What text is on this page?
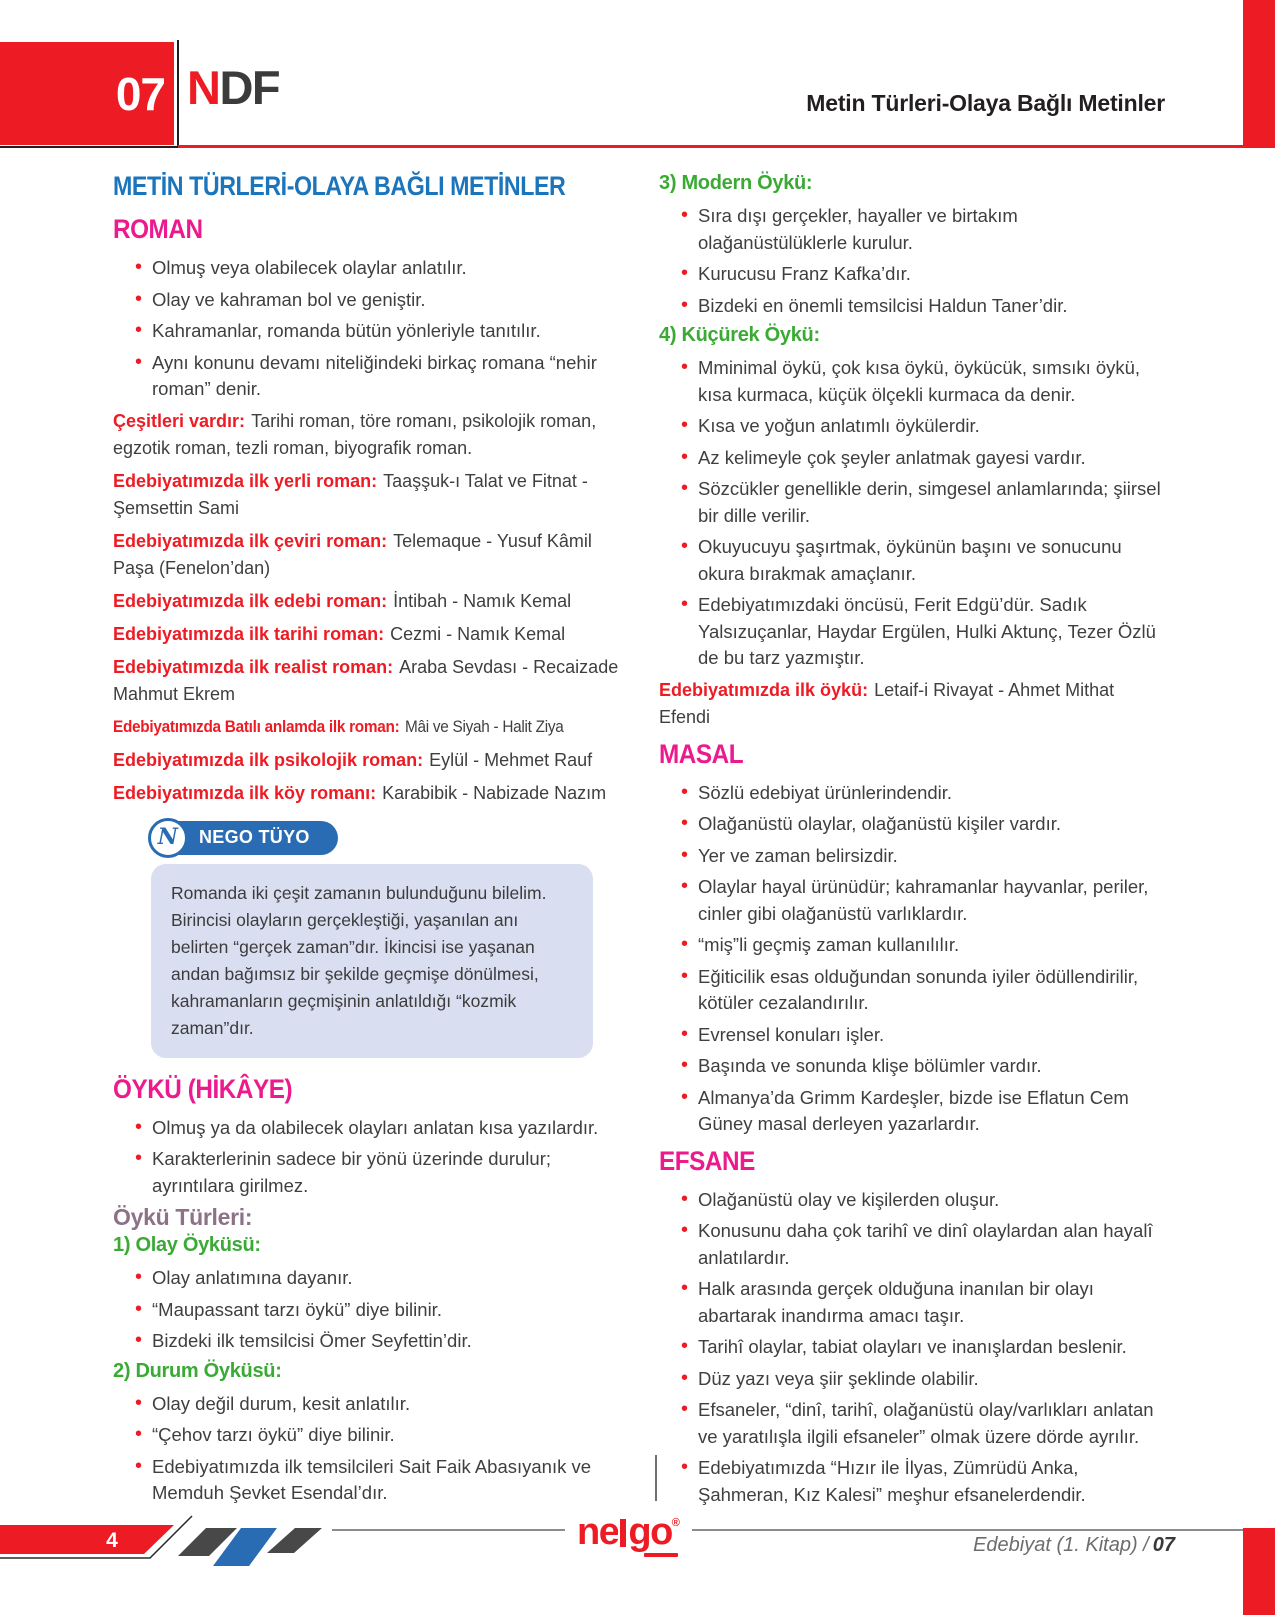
07 NDF	Metin Türleri-Olaya Bağlı Metinler
METİN TÜRLERİ-OLAYA BAĞLI METİNLER
ROMAN
• Olmuş veya olabilecek olaylar anlatılır.
• Olay ve kahraman bol ve geniştir.
• Kahramanlar, romanda bütün yönleriyle tanıtılır.
• Aynı konunu devamı niteliğindeki birkaç romana “nehir roman” denir.

Çeşitleri vardır: Tarihi roman, töre romanı, psikolojik roman, egzotik roman, tezli roman, biyografik roman.

Edebiyatımızda ilk yerli roman: Taaşşuk-ı Talat ve Fitnat - Şemsettin Sami

Edebiyatımızda ilk çeviri roman: Telemaque - Yusuf Kâmil Paşa (Fenelon’dan)

Edebiyatımızda ilk edebi roman: İntibah - Namık Kemal

Edebiyatımızda ilk tarihi roman: Cezmi - Namık Kemal

Edebiyatımızda ilk realist roman: Araba Sevdası - Recaizade Mahmut Ekrem

Edebiyatımızda Batılı anlamda ilk roman: Mâi ve Siyah - Halit Ziya

Edebiyatımızda ilk psikolojik roman: Eylül - Mehmet Rauf

Edebiyatımızda ilk köy romanı: Karabibik - Nabizade Nazım

N	NEGO TÜYO
Romanda iki çeşit zamanın bulunduğunu bilelim. Birincisi olayların gerçekleştiği, yaşanılan anı belirten “gerçek zaman”dır. İkincisi ise yaşanan andan bağımsız bir şekilde geçmişe dönülmesi, kahramanların geçmişinin anlatıldığı “kozmik zaman”dır.
ÖYKÜ (HİKÂYE)
• Olmuş ya da olabilecek olayları anlatan kısa yazılardır.
• Karakterlerinin sadece bir yönü üzerinde durulur; ayrıntılara girilmez.
Öykü Türleri:
1) Olay Öyküsü:
• Olay anlatımına dayanır.
• “Maupassant tarzı öykü” diye bilinir.
• Bizdeki ilk temsilcisi Ömer Seyfettin’dir.
2) Durum Öyküsü:
• Olay değil durum, kesit anlatılır.
• “Çehov tarzı öykü” diye bilinir.
• Edebiyatımızda ilk temsilcileri Sait Faik Abasıyanık ve Memduh Şevket Esendal’dır.
3) Modern Öykü:
• Sıra dışı gerçekler, hayaller ve birtakım olağanüstülüklerle kurulur.
• Kurucusu Franz Kafka’dır.
• Bizdeki en önemli temsilcisi Haldun Taner’dir.
4) Küçürek Öykü:
• Mminimal öykü, çok kısa öykü, öykücük, sımsıkı öykü, kısa kurmaca, küçük ölçekli kurmaca da denir.
• Kısa ve yoğun anlatımlı öykülerdir.
• Az kelimeyle çok şeyler anlatmak gayesi vardır.
• Sözcükler genellikle derin, simgesel anlamlarında; şiirsel bir dille verilir.
• Okuyucuyu şaşırtmak, öykünün başını ve sonucunu okura bırakmak amaçlanır.
• Edebiyatımızdaki öncüsü, Ferit Edgü’dür. Sadık Yalsızuçanlar, Haydar Ergülen, Hulki Aktunç, Tezer Özlü de bu tarz yazmıştır.

Edebiyatımızda ilk öykü: Letaif-i Rivayat - Ahmet Mithat Efendi

MASAL
• Sözlü edebiyat ürünlerindendir.
• Olağanüstü olaylar, olağanüstü kişiler vardır.
• Yer ve zaman belirsizdir.
• Olaylar hayal ürünüdür; kahramanlar hayvanlar, periler, cinler gibi olağanüstü varlıklardır.
• “miş”li geçmiş zaman kullanılılır.
• Eğiticilik esas olduğundan sonunda iyiler ödüllendirilir, kötüler cezalandırılır.
• Evrensel konuları işler.
• Başında ve sonunda klişe bölümler vardır.
• Almanya’da Grimm Kardeşler, bizde ise Eflatun Cem Güney masal derleyen yazarlardır.
EFSANE
• Olağanüstü olay ve kişilerden oluşur.
• Konusunu daha çok tarihî ve dinî olaylardan alan hayalî anlatılardır.
• Halk arasında gerçek olduğuna inanılan bir olayı abartarak inandırma amacı taşır.
• Tarihî olaylar, tabiat olayları ve inanışlardan beslenir.
• Düz yazı veya şiir şeklinde olabilir.
• Efsaneler, “dinî, tarihî, olağanüstü olay/varlıkları anlatan ve yaratılışla ilgili efsaneler” olmak üzere dörde ayrılır.
• Edebiyatımızda “Hızır ile İlyas, Zümrüdü Anka, Şahmeran, Kız Kalesi” meşhur efsanelerdendir.
4	ne go®
Edebiyat (1. Kitap) / 07
